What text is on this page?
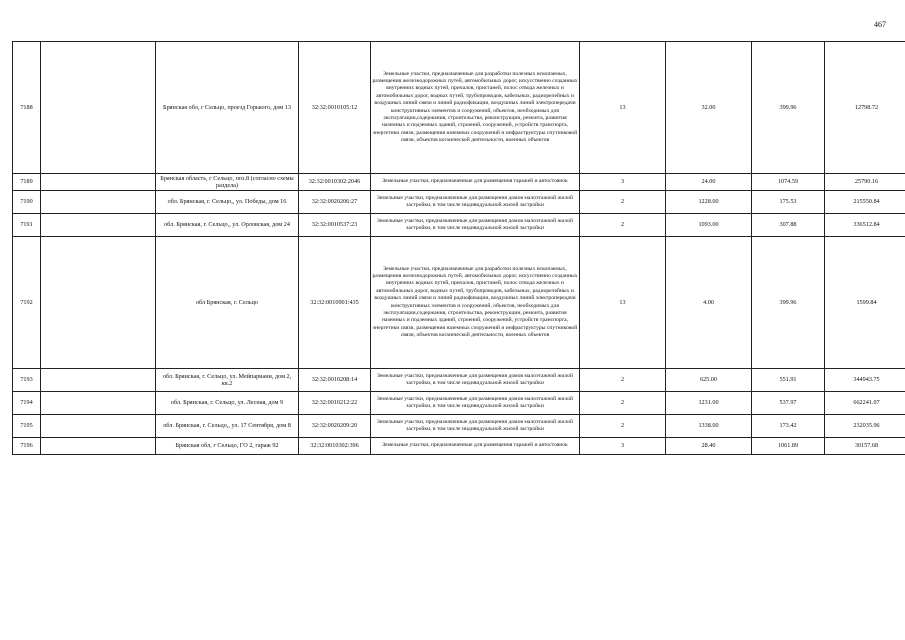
467
7188		Брянская обл, г Сельцо, проезд Горького, дом 13	32:32:0010105:12	Земельные участки, предназначенные для разработки полезных ископаемых, размещения железнодорожных путей, автомобильных дорог, искусственно созданных внутренних водных путей, причалов, пристаней, полос отвода железных и автомобильных дорог, водных путей, трубопроводов, кабельных, радиорелейных и воздушных линий связи и линий радиофикации, воздушных линий электропередачи конструктивных элементов и сооружений, объектов, необходимых для эксплуатации,содержания, строительства, реконструкции, ремонта, развития наземных и подземных зданий, строений, сооружений, устройств транспорта, энергетики связи, размещения наземных сооружений и инфраструктуры спутниковой связи, объектов космической деятельности, военных объектов	13	32.00	399.96	12798.72
7189		Брянская область, г Сельцо, поз.8 (согласно схемы раздела)	32:32:0010302:2046	Земельные участки, предназначенные для размещения гаражей и автостоянок	3	24.00	1074.59	25790.16
7190		обл. Брянская, г. Сельцо,, ул. Победы, дом 16	32:32:0020206:27	Земельные участки, предназначенные для размещения домов малоэтажной жилой застройки, в том числе индивидуальной жилой застройки	2	1228.00	175.53	215550.84
7191		обл. Брянская, г. Сельцо,, ул. Орловская, дом 24	32:32:0010537:23	Земельные участки, предназначенные для размещения домов малоэтажной жилой застройки, в том числе индивидуальной жилой застройки	2	1093.00	307.88	336512.84
7192		обл Брянская, г. Сельцо	32:32:0010901:435	Земельные участки, предназначенные для разработки полезных ископаемых, размещения железнодорожных путей, автомобильных дорог, искусственно созданных внутренних водных путей, причалов, пристаней, полос отвода железных и автомобильных дорог, водных путей, трубопроводов, кабельных, радиорелейных и воздушных линий связи и линий радиофикации, воздушных линий электропередачи конструктивных элементов и сооружений, объектов, необходимых для эксплуатации,содержания, строительства, реконструкции, ремонта, развития наземных и подземных зданий, строений, сооружений, устройств транспорта, энергетики связи, размещения наземных сооружений и инфраструктуры спутниковой связи, объектов космической деятельности, военных объектов	13	4.00	399.96	1599.84
7193		обл. Брянская, г. Сельцо, ул. Мейпариани, дом 2, кв.2	32:32:0010208:14	Земельные участки, предназначенные для размещения домов малоэтажной жилой застройки, в том числе индивидуальной жилой застройки	2	625.00	551.91	344943.75
7194		обл. Брянская, г. Сельцо, ул. Лесная, дом 9	32:32:0010212:22	Земельные участки, предназначенные для размещения домов малоэтажной жилой застройки, в том числе индивидуальной жилой застройки	2	1231.00	537.97	662241.07
7195		обл. Брянская, г. Сельцо,, ул. 17 Сентября, дом 8	32:32:0020209:20	Земельные участки, предназначенные для размещения домов малоэтажной жилой застройки, в том числе индивидуальной жилой застройки	2	1338.00	173.42	232035.96
7196		Брянская обл, г Сельцо, ГО 2, гараж 92	32:32:0010302:396	Земельные участки, предназначенные для размещения гаражей и автостоянок	3	28.40	1061.89	30157.68
